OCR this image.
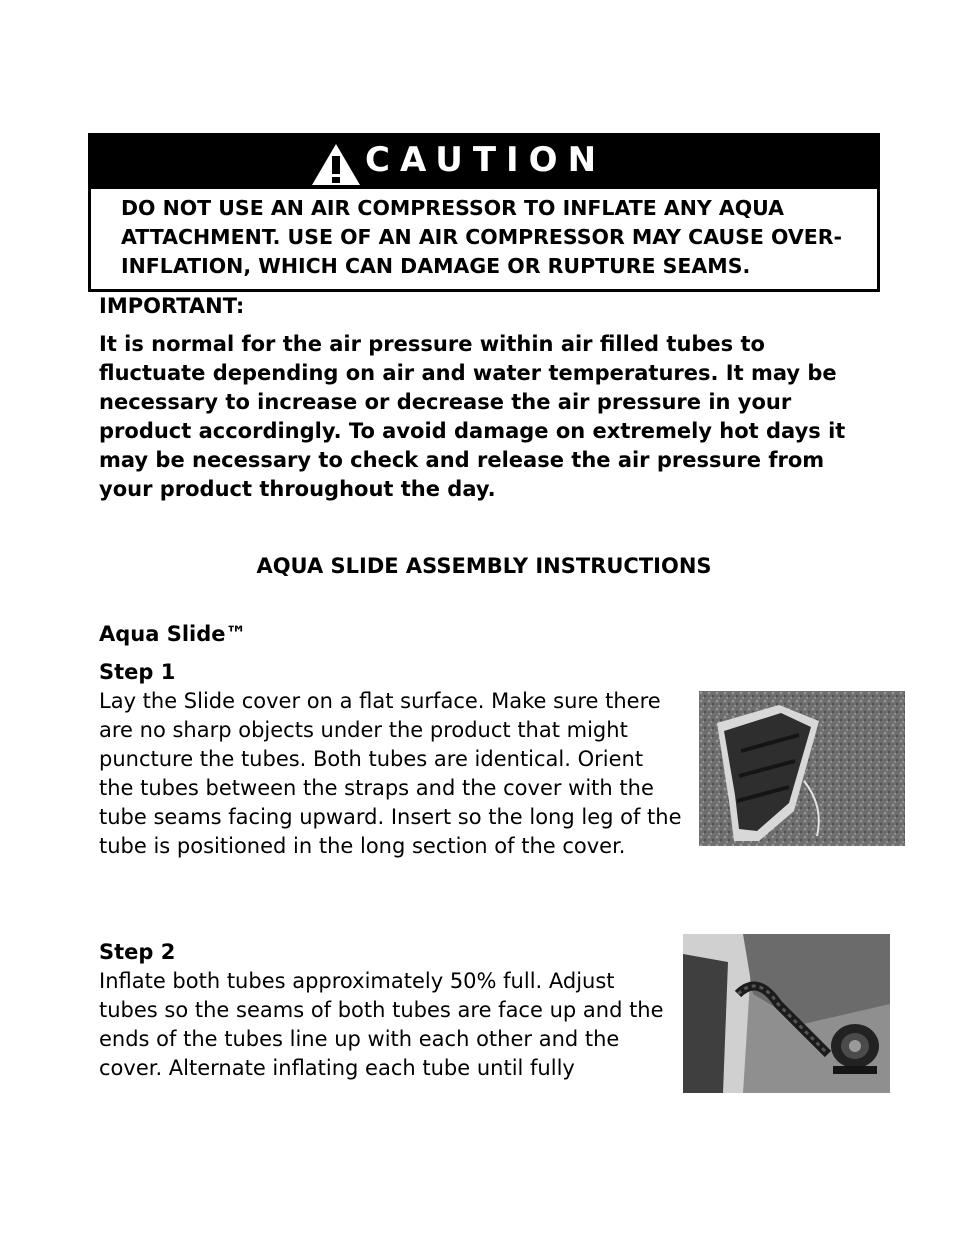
CAUTION

DO NOT USE AN AIR COMPRESSOR TO INFLATE ANY AQUA ATTACHMENT. USE OF AN AIR COMPRESSOR MAY CAUSE OVER-INFLATION, WHICH CAN DAMAGE OR RUPTURE SEAMS.

IMPORTANT:

It is normal for the air pressure within air filled tubes to fluctuate depending on air and water temperatures. It may be necessary to increase or decrease the air pressure in your product accordingly. To avoid damage on extremely hot days it may be necessary to check and release the air pressure from your product throughout the day.

AQUA SLIDE ASSEMBLY INSTRUCTIONS

Aqua Slide™

Step 1

Lay the Slide cover on a flat surface. Make sure there are no sharp objects under the product that might puncture the tubes. Both tubes are identical. Orient the tubes between the straps and the cover with the tube seams facing upward. Insert so the long leg of the tube is positioned in the long section of the cover.

Step 2

Inflate both tubes approximately 50% full. Adjust tubes so the seams of both tubes are face up and the ends of the tubes line up with each other and the cover. Alternate inflating each tube until fully
